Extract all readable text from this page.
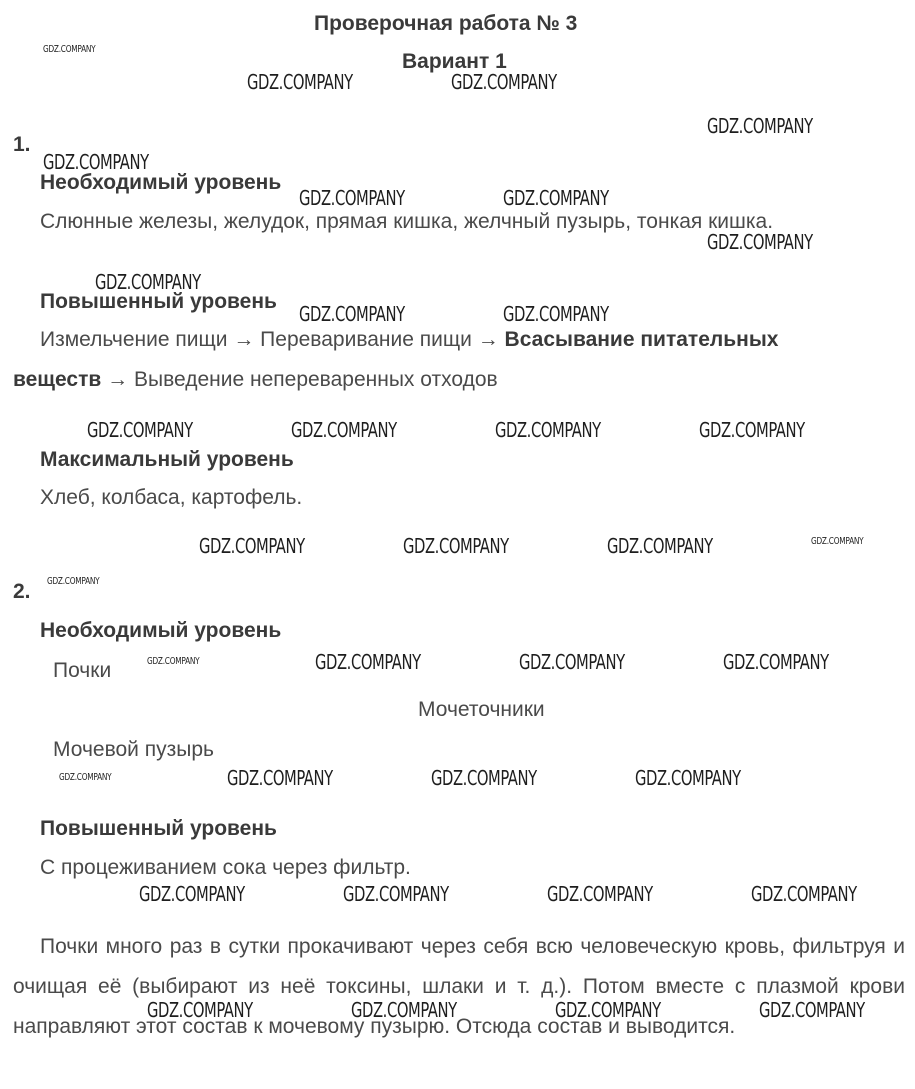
Проверочная работа № 3
Вариант 1
1.
Необходимый уровень
Слюнные железы, желудок, прямая кишка, желчный пузырь, тонкая кишка.
Повышенный уровень
Измельчение пищи → Переваривание пищи → Всасывание питательных
веществ → Выведение непереваренных отходов
Максимальный уровень
Хлеб, колбаса, картофель.
2.
Необходимый уровень
Почки
Мочеточники
Мочевой пузырь
Повышенный уровень
С процеживанием сока через фильтр.
Почки много раз в сутки прокачивают через себя всю человеческую кровь, фильтруя и очищая её (выбирают из неё токсины, шлаки и т. д.). Потом вместе с плазмой крови направляют этот состав к мочевому пузырю. Отсюда состав и выводится.
GDZ.COMPANY
GDZ.COMPANY	GDZ.COMPANY
GDZ.COMPANY
GDZ.COMPANY
GDZ.COMPANY	GDZ.COMPANY
GDZ.COMPANY
GDZ.COMPANY
GDZ.COMPANY	GDZ.COMPANY
GDZ.COMPANY	GDZ.COMPANY	GDZ.COMPANY	GDZ.COMPANY
GDZ.COMPANY	GDZ.COMPANY	GDZ.COMPANY	GDZ.COMPANY
GDZ.COMPANY
GDZ.COMPANY	GDZ.COMPANY	GDZ.COMPANY	GDZ.COMPANY
GDZ.COMPANY	GDZ.COMPANY	GDZ.COMPANY	GDZ.COMPANY
GDZ.COMPANY	GDZ.COMPANY	GDZ.COMPANY	GDZ.COMPANY
GDZ.COMPANY	GDZ.COMPANY	GDZ.COMPANY	GDZ.COMPANY
